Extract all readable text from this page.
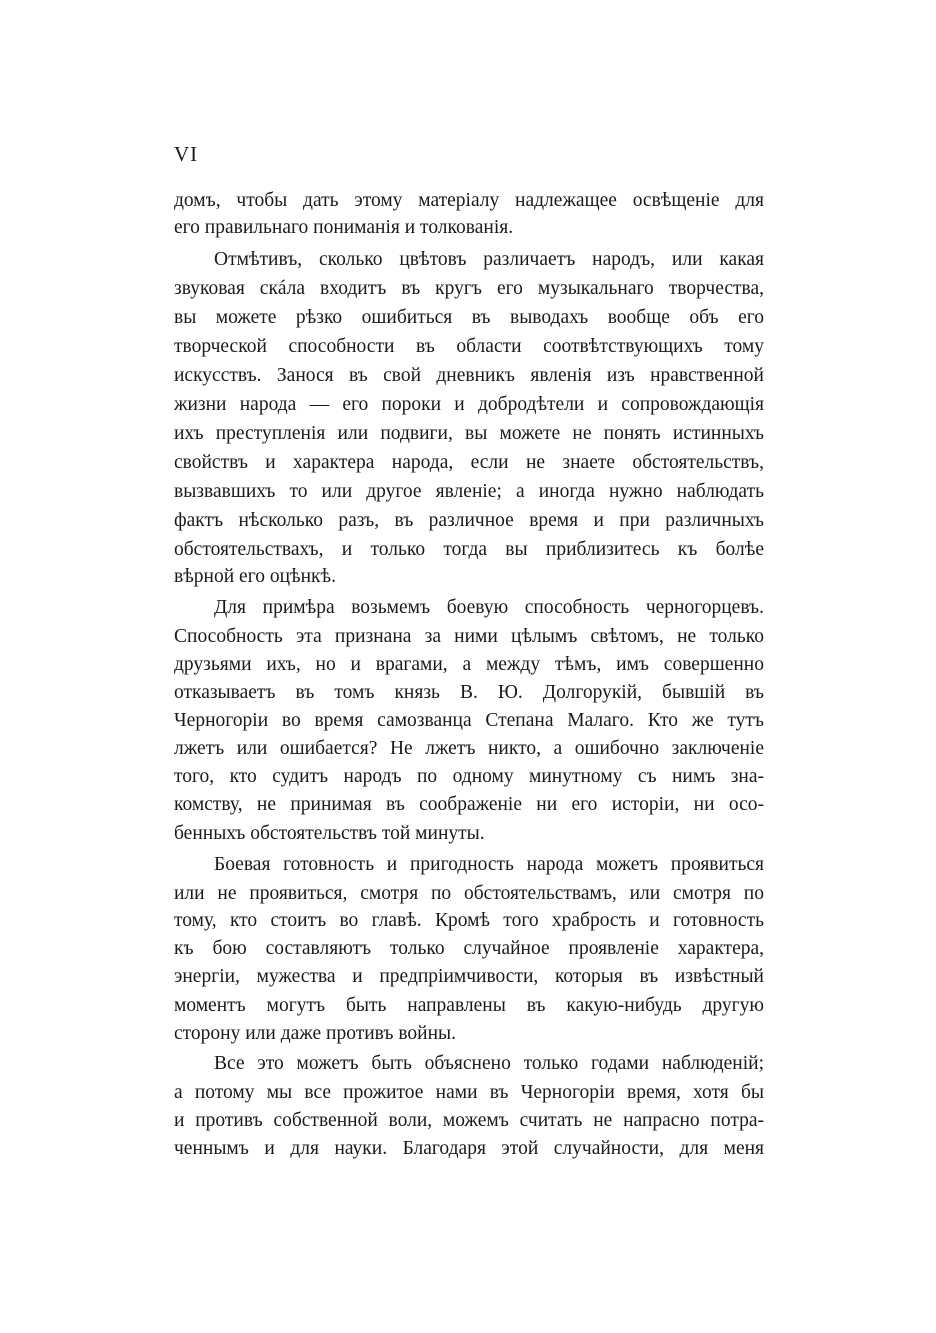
VI
домъ, чтобы дать этому матеріалу надлежащее освѣщеніе для
его правильнаго пониманія и толкованія.
Отмѣтивъ, сколько цвѣтовъ различаетъ народъ, или какая
звуковая скáла входитъ въ кругъ его музыкальнаго творчества,
вы можете рѣзко ошибиться въ выводахъ вообще объ его
творческой способности въ области соотвѣтствующихъ тому
искусствъ. Занося въ свой дневникъ явленія изъ нравственной
жизни народа — его пороки и добродѣтели и сопровождающія
ихъ преступленія или подвиги, вы можете не понять истинныхъ
свойствъ и характера народа, если не знаете обстоятельствъ,
вызвавшихъ то или другое явленіе; а иногда нужно наблюдать
фактъ нѣсколько разъ, въ различное время и при различныхъ
обстоятельствахъ, и только тогда вы приблизитесь къ болѣе
вѣрной его оцѣнкѣ.
Для примѣра возьмемъ боевую способность черногорцевъ.
Способность эта признана за ними цѣлымъ свѣтомъ, не только
друзьями ихъ, но и врагами, а между тѣмъ, имъ совершенно
отказываетъ въ томъ князь В. Ю. Долгорукій, бывшій въ
Черногоріи во время самозванца Степана Малаго. Кто же тутъ
лжетъ или ошибается? Не лжетъ никто, а ошибочно заключеніе
того, кто судитъ народъ по одному минутному съ нимъ зна-
комству, не принимая въ соображеніе ни его исторіи, ни осо-
бенныхъ обстоятельствъ той минуты.
Боевая готовность и пригодность народа можетъ проявиться
или не проявиться, смотря по обстоятельствамъ, или смотря по
тому, кто стоитъ во главѣ. Кромѣ того храбрость и готовность
къ бою составляютъ только случайное проявленіе характера,
энергіи, мужества и предпріимчивости, которыя въ извѣстный
моментъ могутъ быть направлены въ какую-нибудь другую
сторону или даже противъ войны.
Все это можетъ быть объяснено только годами наблюденій;
а потому мы все прожитое нами въ Черногоріи время, хотя бы
и противъ собственной воли, можемъ считать не напрасно потра-
ченнымъ и для науки. Благодаря этой случайности, для меня
